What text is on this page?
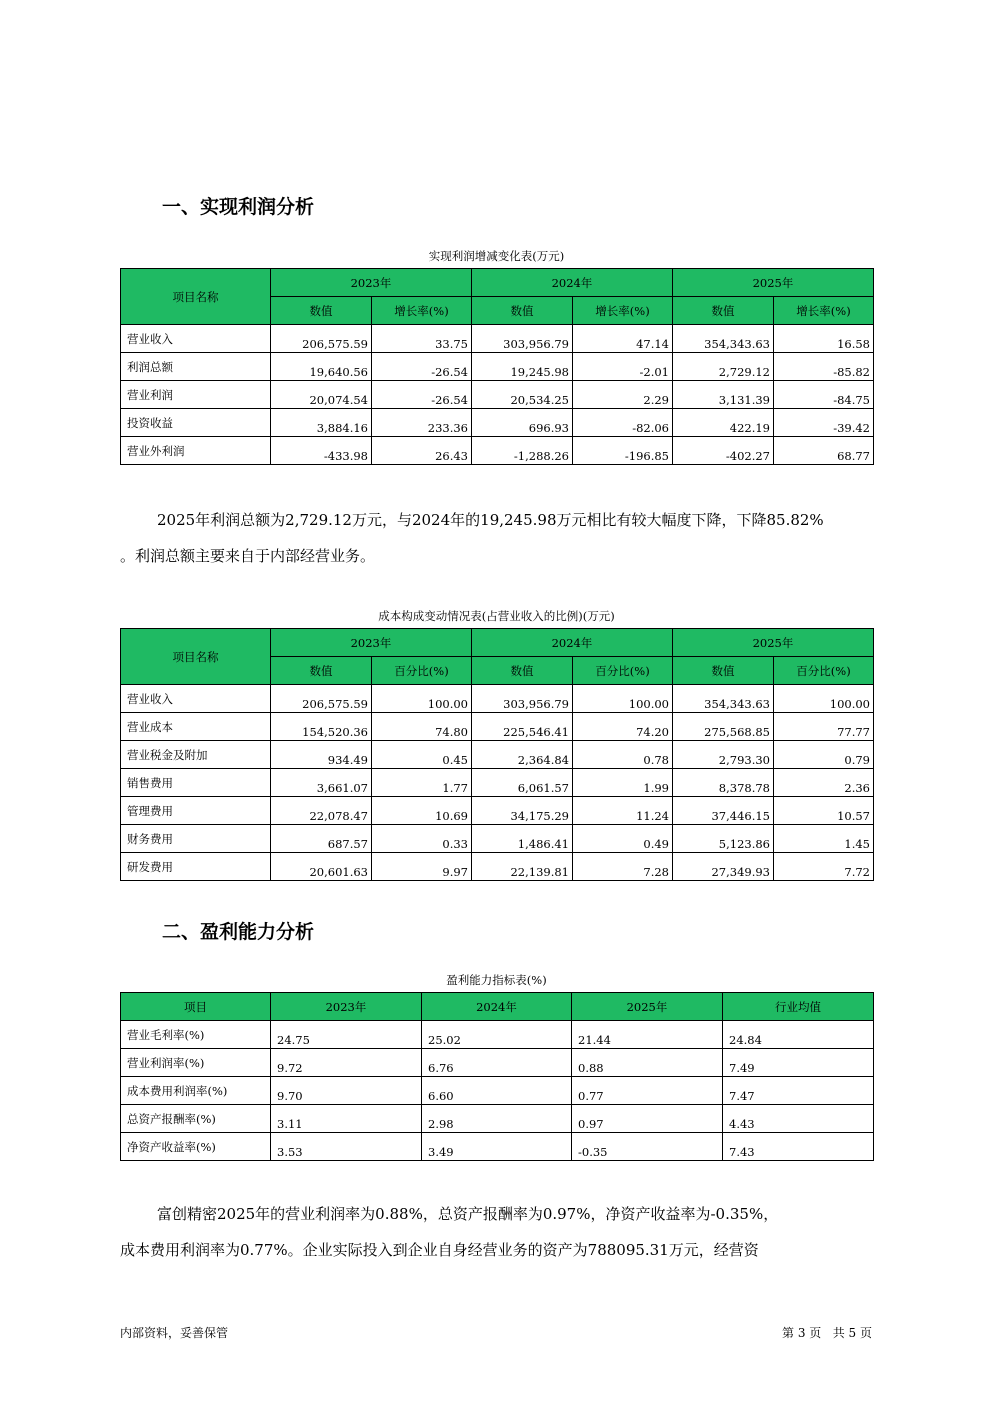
一、实现利润分析
实现利润增减变化表(万元)
项目名称	2023年		2024年		2025年	
	数值	增长率(%)	数值	增长率(%)	数值	增长率(%)
营业收入	206,575.59	33.75	303,956.79	47.14	354,343.63	16.58
利润总额	19,640.56	-26.54	19,245.98	-2.01	2,729.12	-85.82
营业利润	20,074.54	-26.54	20,534.25	2.29	3,131.39	-84.75
投资收益	3,884.16	233.36	696.93	-82.06	422.19	-39.42
营业外利润	-433.98	26.43	-1,288.26	-196.85	-402.27	68.77
2025年利润总额为2,729.12万元，与2024年的19,245.98万元相比有较大幅度下降，下降85.82%
。利润总额主要来自于内部经营业务。
成本构成变动情况表(占营业收入的比例)(万元)
项目名称	2023年		2024年		2025年	
	数值	百分比(%)	数值	百分比(%)	数值	百分比(%)
营业收入	206,575.59	100.00	303,956.79	100.00	354,343.63	100.00
营业成本	154,520.36	74.80	225,546.41	74.20	275,568.85	77.77
营业税金及附加	934.49	0.45	2,364.84	0.78	2,793.30	0.79
销售费用	3,661.07	1.77	6,061.57	1.99	8,378.78	2.36
管理费用	22,078.47	10.69	34,175.29	11.24	37,446.15	10.57
财务费用	687.57	0.33	1,486.41	0.49	5,123.86	1.45
研发费用	20,601.63	9.97	22,139.81	7.28	27,349.93	7.72
二、盈利能力分析
盈利能力指标表(%)
项目	2023年	2024年	2025年	行业均值
营业毛利率(%)	24.75	25.02	21.44	24.84
营业利润率(%)	9.72	6.76	0.88	7.49
成本费用利润率(%)	9.70	6.60	0.77	7.47
总资产报酬率(%)	3.11	2.98	0.97	4.43
净资产收益率(%)	3.53	3.49	-0.35	7.43
富创精密2025年的营业利润率为0.88%，总资产报酬率为0.97%，净资产收益率为-0.35%，
成本费用利润率为0.77%。企业实际投入到企业自身经营业务的资产为788095.31万元，经营资
内部资料，妥善保管	第 3 页   共 5 页
